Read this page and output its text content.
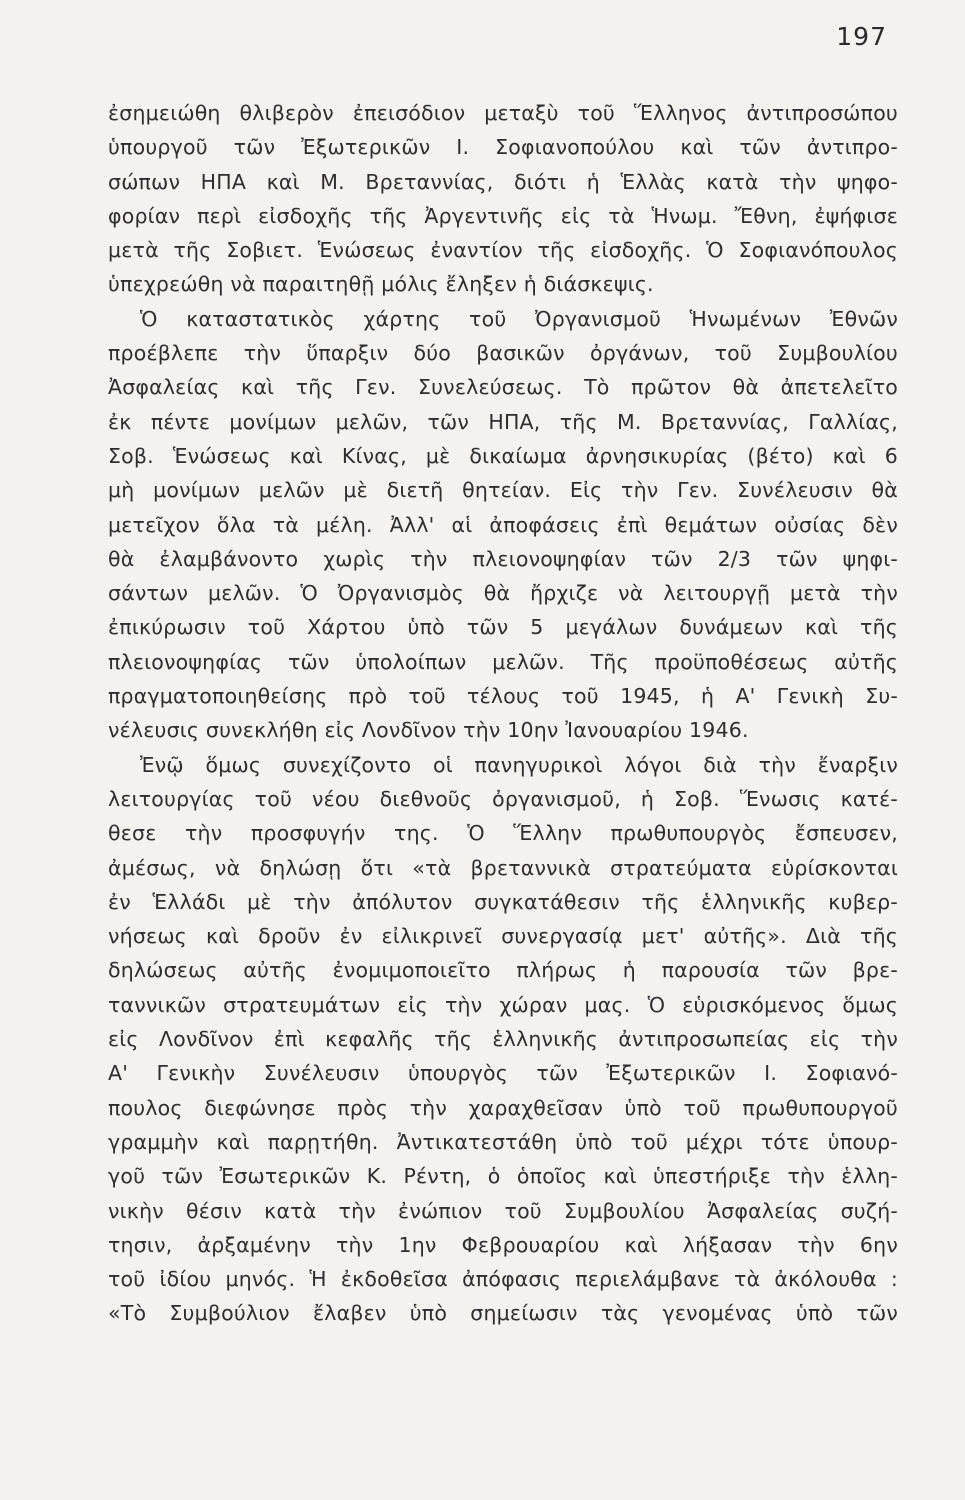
197
ἐσημειώθη θλιβερὸν ἐπεισόδιον μεταξὺ τοῦ Ἕλληνος ἀντιπροσώπου
ὑπουργοῦ τῶν Ἐξωτερικῶν Ι. Σοφιανοπούλου καὶ τῶν ἀντιπρο-
σώπων ΗΠΑ καὶ Μ. Βρεταννίας, διότι ἡ Ἑλλὰς κατὰ τὴν ψηφο-
φορίαν περὶ εἰσδοχῆς τῆς Ἀργεντινῆς εἰς τὰ Ἡνωμ. Ἔθνη, ἐψήφισε
μετὰ τῆς Σοβιετ. Ἑνώσεως ἐναντίον τῆς εἰσδοχῆς. Ὁ Σοφιανόπουλος
ὑπεχρεώθη νὰ παραιτηθῇ μόλις ἔληξεν ἡ διάσκεψις.
Ὁ καταστατικὸς χάρτης τοῦ Ὀργανισμοῦ Ἡνωμένων Ἐθνῶν
προέβλεπε τὴν ὕπαρξιν δύο βασικῶν ὀργάνων, τοῦ Συμβουλίου
Ἀσφαλείας καὶ τῆς Γεν. Συνελεύσεως. Τὸ πρῶτον θὰ ἀπετελεῖτο
ἐκ πέντε μονίμων μελῶν, τῶν ΗΠΑ, τῆς Μ. Βρεταννίας, Γαλλίας,
Σοβ. Ἑνώσεως καὶ Κίνας, μὲ δικαίωμα ἀρνησικυρίας (βέτο) καὶ 6
μὴ μονίμων μελῶν μὲ διετῆ θητείαν. Εἰς τὴν Γεν. Συνέλευσιν θὰ
μετεῖχον ὅλα τὰ μέλη. Ἀλλ' αἱ ἀποφάσεις ἐπὶ θεμάτων οὐσίας δὲν
θὰ ἐλαμβάνοντο χωρὶς τὴν πλειονοψηφίαν τῶν 2/3 τῶν ψηφι-
σάντων μελῶν. Ὁ Ὀργανισμὸς θὰ ἤρχιζε νὰ λειτουργῇ μετὰ τὴν
ἐπικύρωσιν τοῦ Χάρτου ὑπὸ τῶν 5 μεγάλων δυνάμεων καὶ τῆς
πλειονοψηφίας τῶν ὑπολοίπων μελῶν. Τῆς προϋποθέσεως αὐτῆς
πραγματοποιηθείσης πρὸ τοῦ τέλους τοῦ 1945, ἡ Α' Γενικὴ Συ-
νέλευσις συνεκλήθη εἰς Λονδῖνον τὴν 10ην Ἰανουαρίου 1946.
Ἐνῷ ὅμως συνεχίζοντο οἱ πανηγυρικοὶ λόγοι διὰ τὴν ἔναρξιν
λειτουργίας τοῦ νέου διεθνοῦς ὀργανισμοῦ, ἡ Σοβ. Ἕνωσις κατέ-
θεσε τὴν προσφυγήν της. Ὁ Ἕλλην πρωθυπουργὸς ἔσπευσεν,
ἀμέσως, νὰ δηλώσῃ ὅτι «τὰ βρεταννικὰ στρατεύματα εὑρίσκονται
ἐν Ἑλλάδι μὲ τὴν ἀπόλυτον συγκατάθεσιν τῆς ἑλληνικῆς κυβερ-
νήσεως καὶ δροῦν ἐν εἰλικρινεῖ συνεργασίᾳ μετ' αὐτῆς». Διὰ τῆς
δηλώσεως αὐτῆς ἐνομιμοποιεῖτο πλήρως ἡ παρουσία τῶν βρε-
ταννικῶν στρατευμάτων εἰς τὴν χώραν μας. Ὁ εὑρισκόμενος ὅμως
εἰς Λονδῖνον ἐπὶ κεφαλῆς τῆς ἑλληνικῆς ἀντιπροσωπείας εἰς τὴν
Α' Γενικὴν Συνέλευσιν ὑπουργὸς τῶν Ἐξωτερικῶν Ι. Σοφιανό-
πουλος διεφώνησε πρὸς τὴν χαραχθεῖσαν ὑπὸ τοῦ πρωθυπουργοῦ
γραμμὴν καὶ παρῃτήθη. Ἀντικατεστάθη ὑπὸ τοῦ μέχρι τότε ὑπουρ-
γοῦ τῶν Ἐσωτερικῶν Κ. Ρέντη, ὁ ὁποῖος καὶ ὑπεστήριξε τὴν ἑλλη-
νικὴν θέσιν κατὰ τὴν ἐνώπιον τοῦ Συμβουλίου Ἀσφαλείας συζή-
τησιν, ἀρξαμένην τὴν 1ην Φεβρουαρίου καὶ λήξασαν τὴν 6ην
τοῦ ἰδίου μηνός. Ἡ ἐκδοθεῖσα ἀπόφασις περιελάμβανε τὰ ἀκόλουθα :
«Τὸ Συμβούλιον ἔλαβεν ὑπὸ σημείωσιν τὰς γενομένας ὑπὸ τῶν
